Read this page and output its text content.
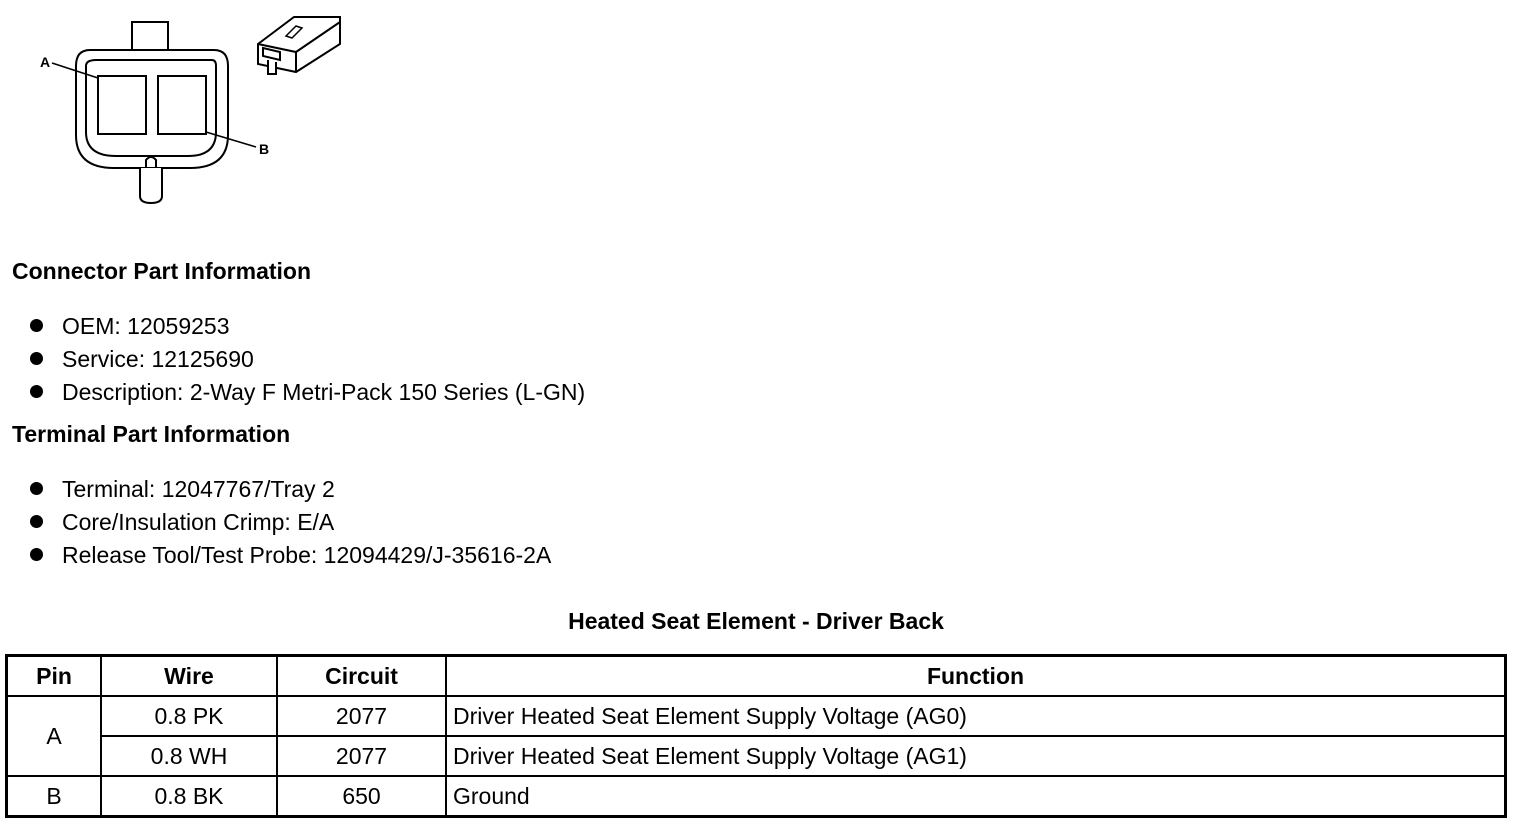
A
B
Connector Part Information
OEM: 12059253
Service: 12125690
Description: 2-Way F Metri-Pack 150 Series (L-GN)
Terminal Part Information
Terminal: 12047767/Tray 2
Core/Insulation Crimp: E/A
Release Tool/Test Probe: 12094429/J-35616-2A
Heated Seat Element - Driver Back
Pin	Wire	Circuit	Function
A	0.8 PK	2077	Driver Heated Seat Element Supply Voltage (AG0)
	0.8 WH	2077	Driver Heated Seat Element Supply Voltage (AG1)
B	0.8 BK	650	Ground
